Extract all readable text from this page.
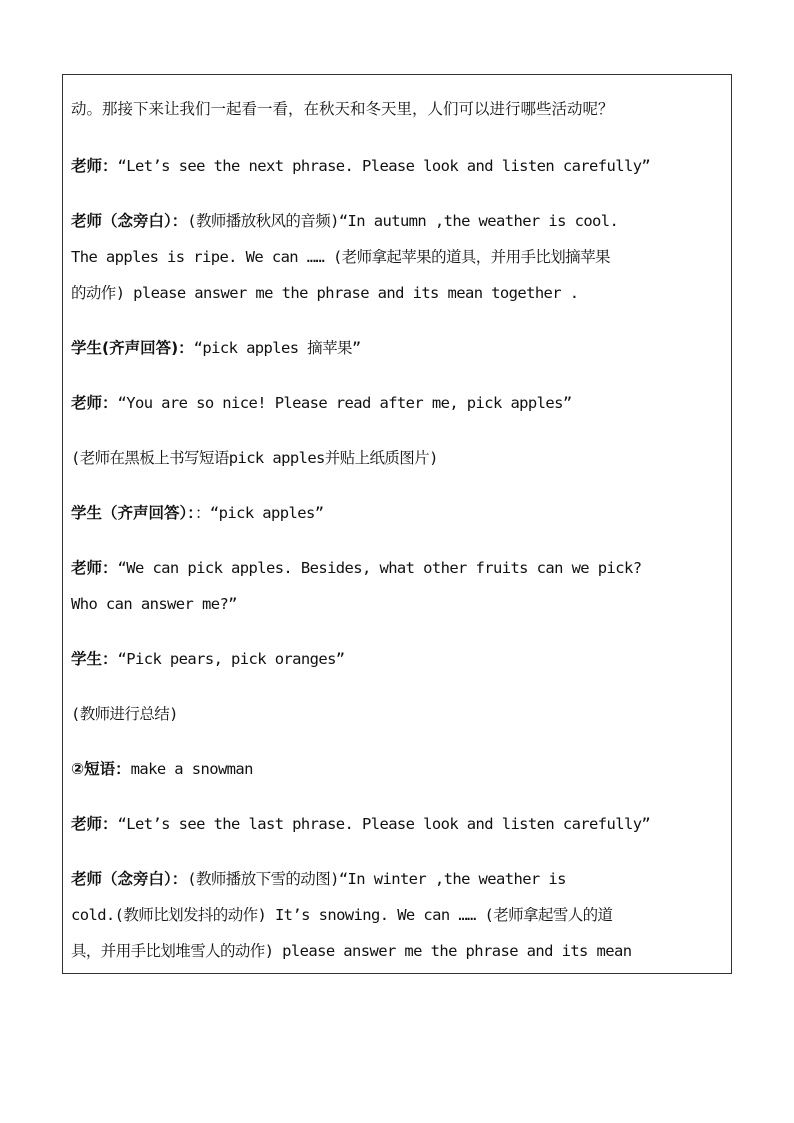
动。那接下来让我们一起看一看，在秋天和冬天里，人们可以进行哪些活动呢？
老师：“Let’s see the next phrase. Please look and listen carefully”
老师（念旁白）：(教师播放秋风的音频)“In autumn ,the weather is cool.
The apples is ripe. We can …… (老师拿起苹果的道具，并用手比划摘苹果
的动作) please answer me the phrase and its mean together .
学生(齐声回答)：“pick apples 摘苹果”
老师：“You are so nice! Please read after me, pick apples”
(老师在黑板上书写短语pick apples并贴上纸质图片)
学生（齐声回答）：：“pick apples”
老师：“We can pick apples. Besides, what other fruits can we pick?
Who can answer me?”
学生：“Pick pears, pick oranges”
(教师进行总结)
②短语：make a snowman
老师：“Let’s see the last phrase. Please look and listen carefully”
老师（念旁白）：(教师播放下雪的动图)“In winter ,the weather is
cold.(教师比划发抖的动作) It’s snowing. We can …… (老师拿起雪人的道
具，并用手比划堆雪人的动作) please answer me the phrase and its mean
